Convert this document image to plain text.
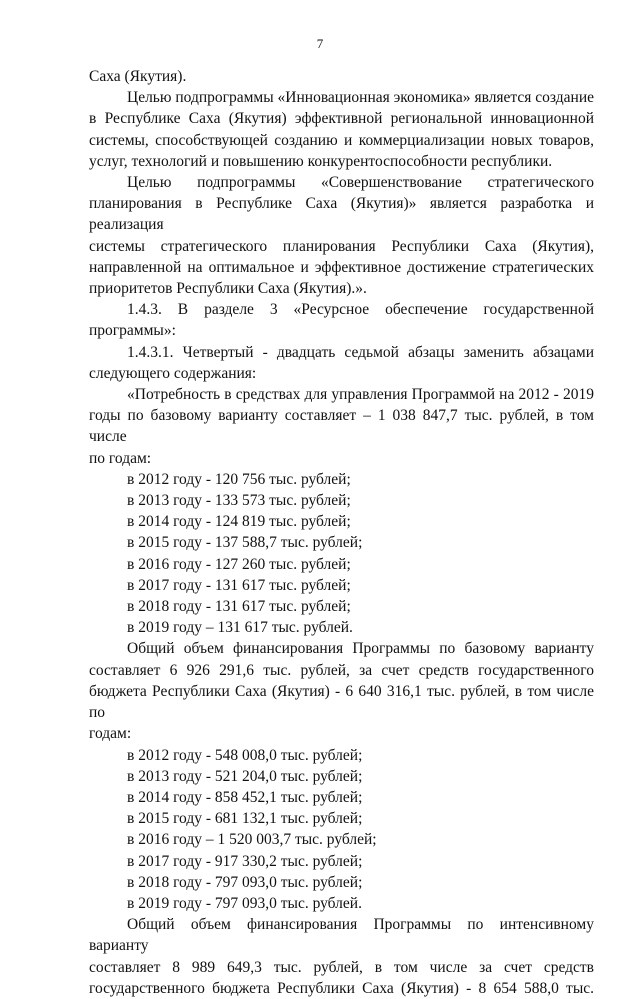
7
Саха (Якутия).
Целью подпрограммы «Инновационная экономика» является создание
в Республике Саха (Якутия) эффективной региональной инновационной
системы, способствующей созданию и коммерциализации новых товаров,
услуг, технологий и повышению конкурентоспособности республики.
Целью подпрограммы «Совершенствование стратегического
планирования в Республике Саха (Якутия)» является разработка и реализация
системы стратегического планирования Республики Саха (Якутия),
направленной на оптимальное и эффективное достижение стратегических
приоритетов Республики Саха (Якутия).».
1.4.3. В разделе 3 «Ресурсное обеспечение государственной
программы»:
1.4.3.1. Четвертый - двадцать седьмой абзацы заменить абзацами
следующего содержания:
«Потребность в средствах для управления Программой на 2012 - 2019
годы по базовому варианту составляет – 1 038 847,7 тыс. рублей, в том числе
по годам:
в 2012 году - 120 756 тыс. рублей;
в 2013 году - 133 573 тыс. рублей;
в 2014 году - 124 819 тыс. рублей;
в 2015 году - 137 588,7 тыс. рублей;
в 2016 году - 127 260 тыс. рублей;
в 2017 году - 131 617 тыс. рублей;
в 2018 году - 131 617 тыс. рублей;
в 2019 году – 131 617 тыс. рублей.
Общий объем финансирования Программы по базовому варианту
составляет 6 926 291,6 тыс. рублей, за счет средств государственного
бюджета Республики Саха (Якутия) - 6 640 316,1 тыс. рублей, в том числе по
годам:
в 2012 году - 548 008,0 тыс. рублей;
в 2013 году - 521 204,0 тыс. рублей;
в 2014 году - 858 452,1 тыс. рублей;
в 2015 году - 681 132,1 тыс. рублей;
в 2016 году – 1 520 003,7 тыс. рублей;
в 2017 году - 917 330,2 тыс. рублей;
в 2018 году - 797 093,0 тыс. рублей;
в 2019 году - 797 093,0 тыс. рублей.
Общий объем финансирования Программы по интенсивному варианту
составляет 8 989 649,3 тыс. рублей, в том числе за счет средств
государственного бюджета Республики Саха (Якутия) - 8 654 588,0 тыс.
